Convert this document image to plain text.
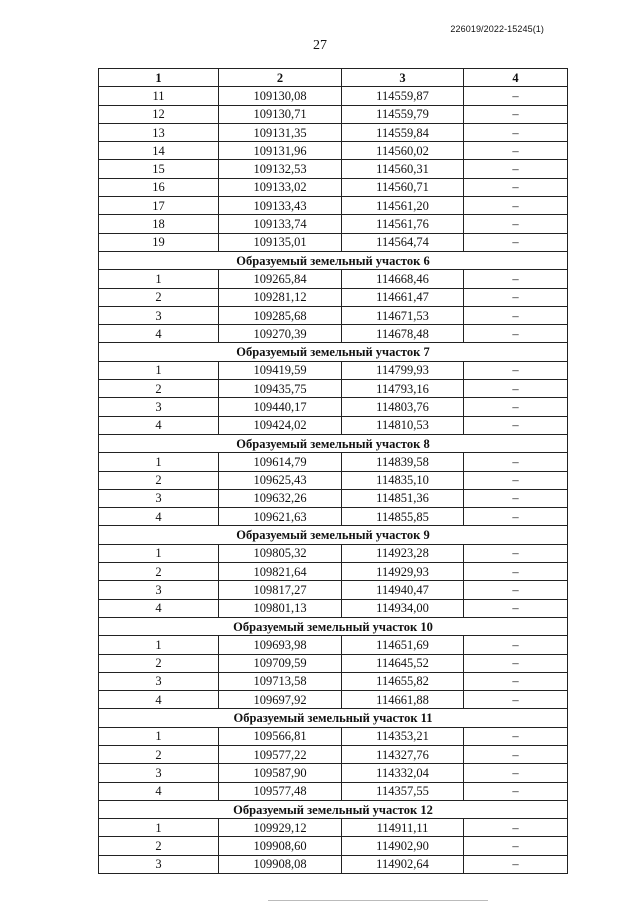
226019/2022-15245(1)
27
1	2	3	4
11	109130,08	114559,87	–
12	109130,71	114559,79	–
13	109131,35	114559,84	–
14	109131,96	114560,02	–
15	109132,53	114560,31	–
16	109133,02	114560,71	–
17	109133,43	114561,20	–
18	109133,74	114561,76	–
19	109135,01	114564,74	–
Образуемый земельный участок 6			
1	109265,84	114668,46	–
2	109281,12	114661,47	–
3	109285,68	114671,53	–
4	109270,39	114678,48	–
Образуемый земельный участок 7			
1	109419,59	114799,93	–
2	109435,75	114793,16	–
3	109440,17	114803,76	–
4	109424,02	114810,53	–
Образуемый земельный участок 8			
1	109614,79	114839,58	–
2	109625,43	114835,10	–
3	109632,26	114851,36	–
4	109621,63	114855,85	–
Образуемый земельный участок 9			
1	109805,32	114923,28	–
2	109821,64	114929,93	–
3	109817,27	114940,47	–
4	109801,13	114934,00	–
Образуемый земельный участок 10			
1	109693,98	114651,69	–
2	109709,59	114645,52	–
3	109713,58	114655,82	–
4	109697,92	114661,88	–
Образуемый земельный участок 11			
1	109566,81	114353,21	–
2	109577,22	114327,76	–
3	109587,90	114332,04	–
4	109577,48	114357,55	–
Образуемый земельный участок 12			
1	109929,12	114911,11	–
2	109908,60	114902,90	–
3	109908,08	114902,64	–
